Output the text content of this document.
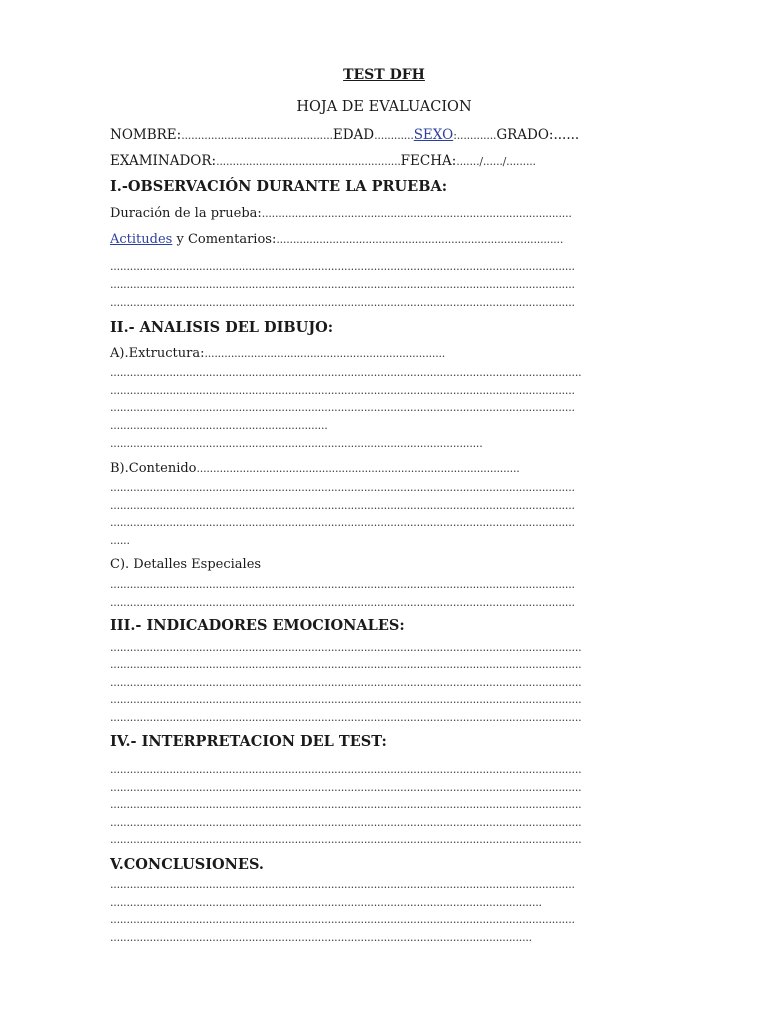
TEST DFH
HOJA DE EVALUACION
NOMBRE:..............................................EDAD............SEXO:............GRADO:......
EXAMINADOR:........................................................FECHA:......./....../.........
I.-OBSERVACIÓN DURANTE LA PRUEBA:
Duración de la prueba:..............................................................................................
Actitudes y Comentarios:.......................................................................................
.............................................................................................................................................
.............................................................................................................................................
.............................................................................................................................................
II.- ANALISIS DEL DIBUJO:
A).Extructura:.........................................................................
...............................................................................................................................................
.............................................................................................................................................
.............................................................................................................................................
..................................................................
.................................................................................................................
B).Contenido..................................................................................................
.............................................................................................................................................
.............................................................................................................................................
.............................................................................................................................................
......
C). Detalles Especiales
.............................................................................................................................................
.............................................................................................................................................
III.- INDICADORES EMOCIONALES:
...............................................................................................................................................
...............................................................................................................................................
...............................................................................................................................................
...............................................................................................................................................
...............................................................................................................................................
IV.- INTERPRETACION DEL TEST:
...............................................................................................................................................
...............................................................................................................................................
...............................................................................................................................................
...............................................................................................................................................
...............................................................................................................................................
V.CONCLUSIONES.
.............................................................................................................................................
...................................................................................................................................
.............................................................................................................................................
................................................................................................................................
